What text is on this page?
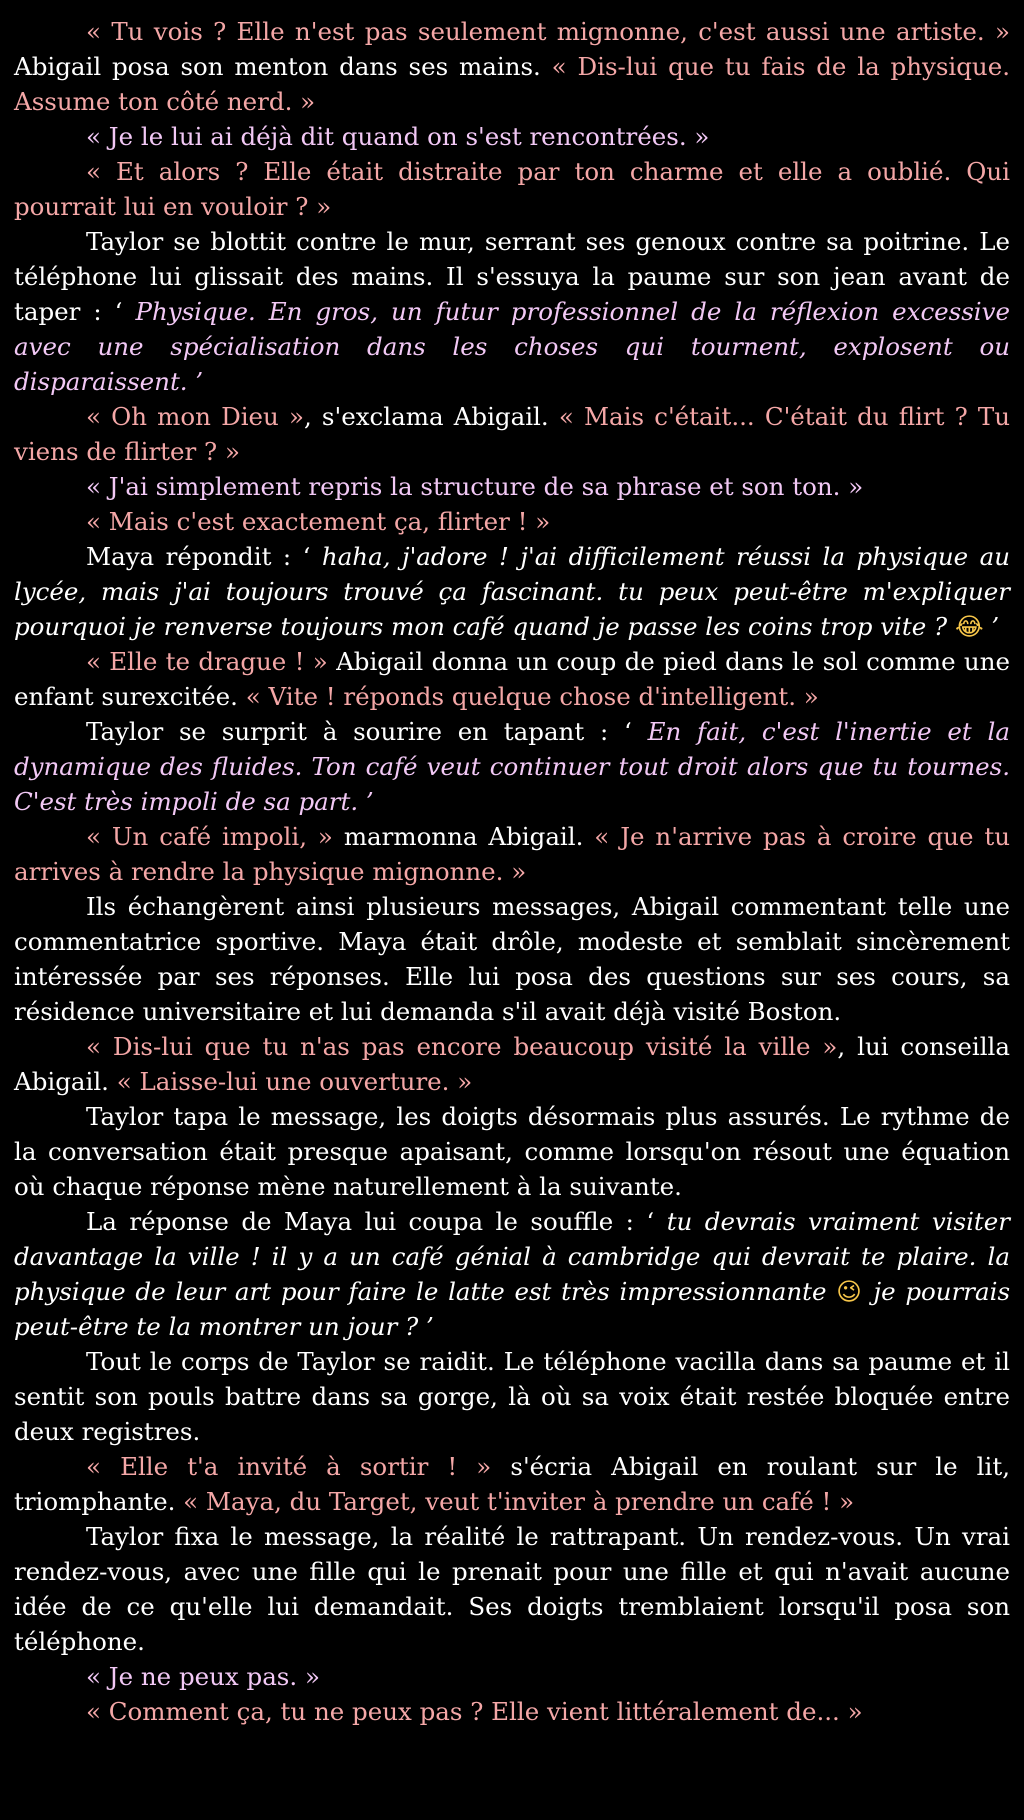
« Tu vois ? Elle n'est pas seulement mignonne, c'est aussi une artiste. » Abigail posa son menton dans ses mains. « Dis-lui que tu fais de la physique. Assume ton côté nerd. »

« Je le lui ai déjà dit quand on s'est rencontrées. »

« Et alors ? Elle était distraite par ton charme et elle a oublié. Qui pourrait lui en vouloir ? »

Taylor se blottit contre le mur, serrant ses genoux contre sa poitrine. Le téléphone lui glissait des mains. Il s'essuya la paume sur son jean avant de taper : ‘ Physique. En gros, un futur professionnel de la réflexion excessive avec une spécialisation dans les choses qui tournent, explosent ou disparaissent. ’

« Oh mon Dieu », s'exclama Abigail. « Mais c'était... C'était du flirt ? Tu viens de flirter ? »

« J'ai simplement repris la structure de sa phrase et son ton. »

« Mais c'est exactement ça, flirter ! »

Maya répondit : ‘ haha, j'adore ! j'ai difficilement réussi la physique au lycée, mais j'ai toujours trouvé ça fascinant. tu peux peut-être m'expliquer pourquoi je renverse toujours mon café quand je passe les coins trop vite ? 😂 ’

« Elle te drague ! » Abigail donna un coup de pied dans le sol comme une enfant surexcitée. « Vite ! réponds quelque chose d'intelligent. »

Taylor se surprit à sourire en tapant : ‘ En fait, c'est l'inertie et la dynamique des fluides. Ton café veut continuer tout droit alors que tu tournes. C'est très impoli de sa part. ’

« Un café impoli, » marmonna Abigail. « Je n'arrive pas à croire que tu arrives à rendre la physique mignonne. »

Ils échangèrent ainsi plusieurs messages, Abigail commentant telle une commentatrice sportive. Maya était drôle, modeste et semblait sincèrement intéressée par ses réponses. Elle lui posa des questions sur ses cours, sa résidence universitaire et lui demanda s'il avait déjà visité Boston.

« Dis-lui que tu n'as pas encore beaucoup visité la ville », lui conseilla Abigail. « Laisse-lui une ouverture. »

Taylor tapa le message, les doigts désormais plus assurés. Le rythme de la conversation était presque apaisant, comme lorsqu'on résout une équation où chaque réponse mène naturellement à la suivante.

La réponse de Maya lui coupa le souffle : ‘ tu devrais vraiment visiter davantage la ville ! il y a un café génial à cambridge qui devrait te plaire. la physique de leur art pour faire le latte est très impressionnante 😉 je pourrais peut-être te la montrer un jour ? ’

Tout le corps de Taylor se raidit. Le téléphone vacilla dans sa paume et il sentit son pouls battre dans sa gorge, là où sa voix était restée bloquée entre deux registres.

« Elle t'a invité à sortir ! » s'écria Abigail en roulant sur le lit, triomphante. « Maya, du Target, veut t'inviter à prendre un café ! »

Taylor fixa le message, la réalité le rattrapant. Un rendez-vous. Un vrai rendez-vous, avec une fille qui le prenait pour une fille et qui n'avait aucune idée de ce qu'elle lui demandait. Ses doigts tremblaient lorsqu'il posa son téléphone.

« Je ne peux pas. »

« Comment ça, tu ne peux pas ? Elle vient littéralement de... »
